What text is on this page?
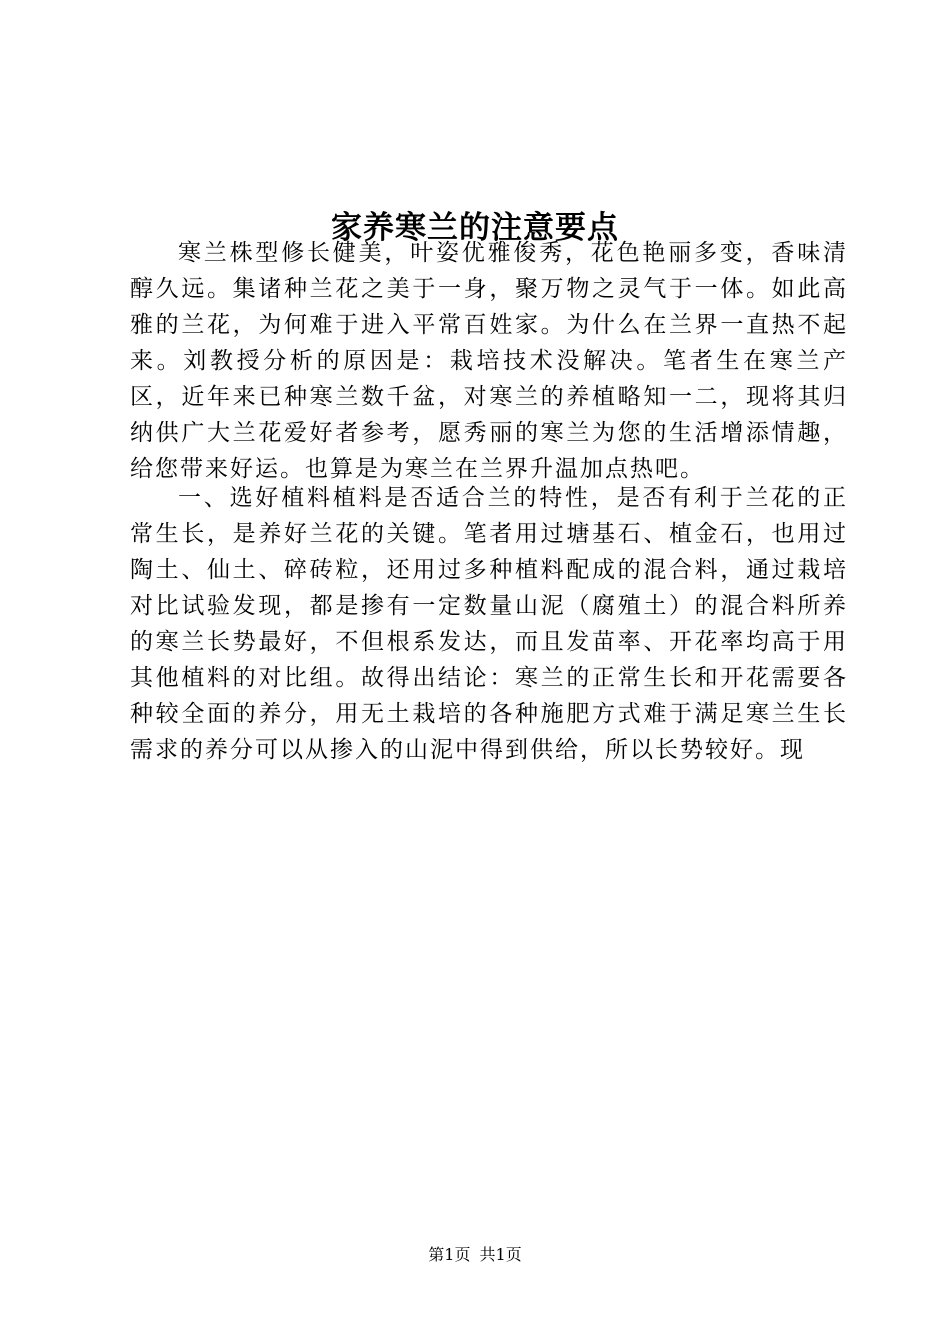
家养寒兰的注意要点

寒兰株型修长健美，叶姿优雅俊秀，花色艳丽多变，香味清醇久远。集诸种兰花之美于一身，聚万物之灵气于一体。如此高雅的兰花，为何难于进入平常百姓家。为什么在兰界一直热不起来。刘教授分析的原因是：栽培技术没解决。笔者生在寒兰产区，近年来已种寒兰数千盆，对寒兰的养植略知一二，现将其归纳供广大兰花爱好者参考，愿秀丽的寒兰为您的生活增添情趣，给您带来好运。也算是为寒兰在兰界升温加点热吧。

一、选好植料植料是否适合兰的特性，是否有利于兰花的正常生长，是养好兰花的关键。笔者用过塘基石、植金石，也用过陶土、仙土、碎砖粒，还用过多种植料配成的混合料，通过栽培对比试验发现，都是掺有一定数量山泥（腐殖土）的混合料所养的寒兰长势最好，不但根系发达，而且发苗率、开花率均高于用其他植料的对比组。故得出结论：寒兰的正常生长和开花需要各种较全面的养分，用无土栽培的各种施肥方式难于满足寒兰生长需求的养分可以从掺入的山泥中得到供给，所以长势较好。现

第1页 共1页
